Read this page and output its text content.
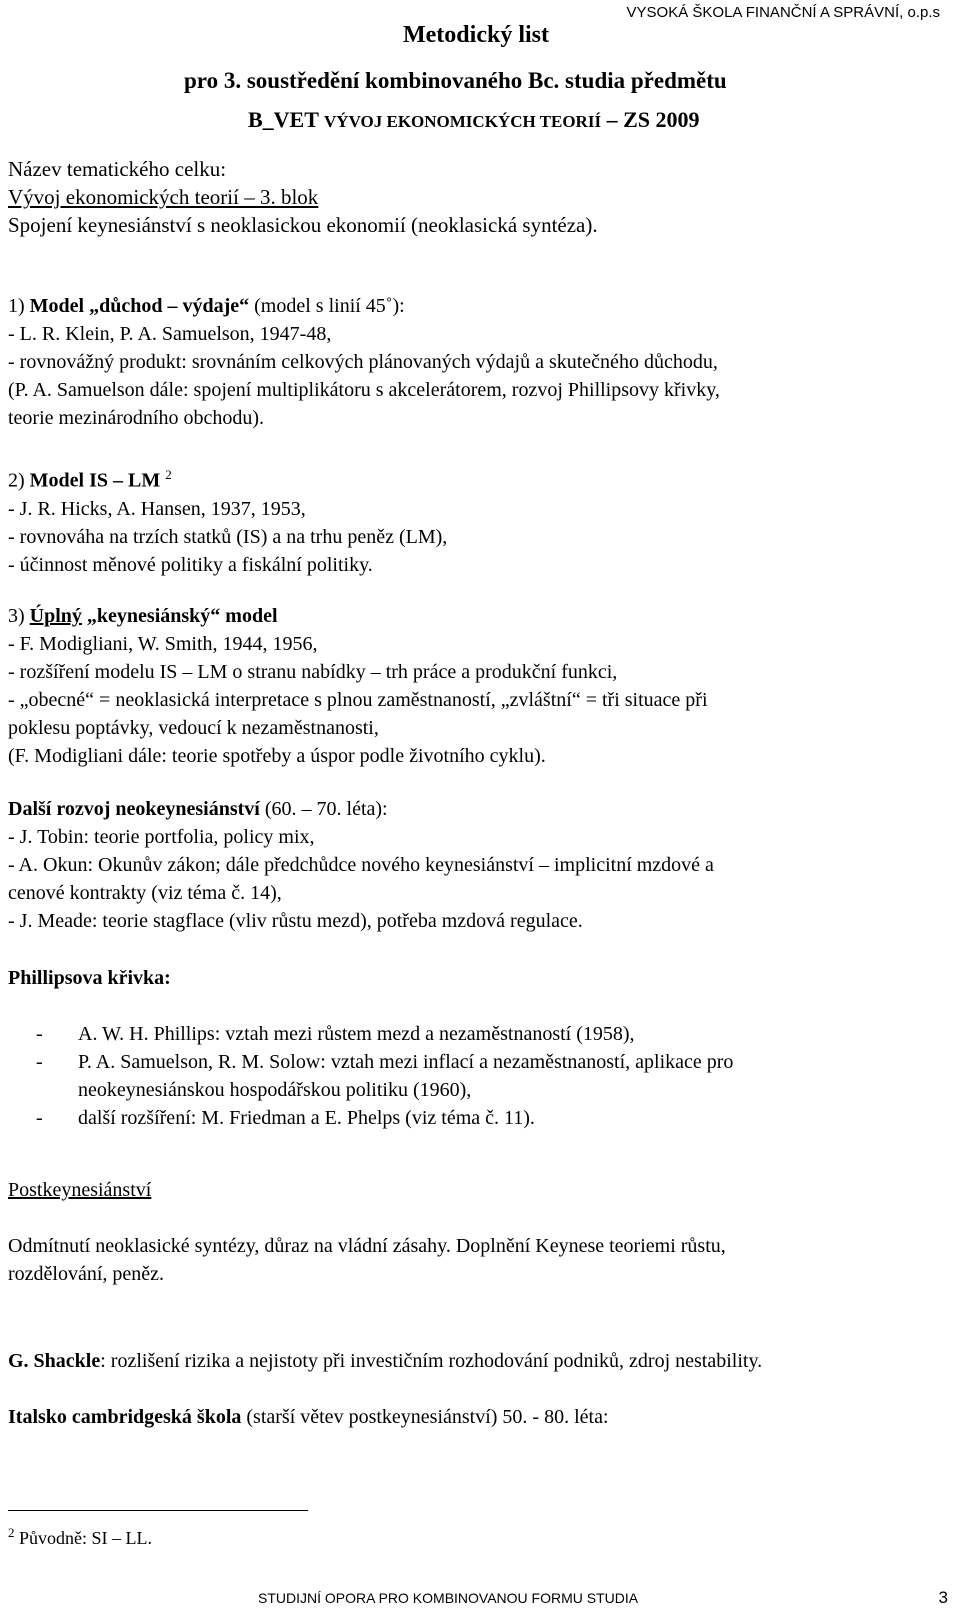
VYSOKÁ ŠKOLA FINANČNÍ A SPRÁVNÍ, o.p.s
Metodický list
pro 3. soustředění kombinovaného Bc. studia předmětu
B_VET VÝVOJ EKONOMICKÝCH TEORIÍ – ZS 2009
Název tematického celku:
Vývoj ekonomických teorií – 3. blok
Spojení keynesiánství s neoklasickou ekonomií (neoklasická syntéza).
1) Model „důchod – výdaje“ (model s linií 45˚):
- L. R. Klein, P. A. Samuelson, 1947-48,
- rovnovážný produkt: srovnáním celkových plánovaných výdajů a skutečného důchodu,
(P. A. Samuelson dále: spojení multiplikátoru s akcelerátorem, rozvoj Phillipsovy křivky,
teorie mezinárodního obchodu).
2) Model IS – LM $^2$
- J. R. Hicks, A. Hansen, 1937, 1953,
- rovnováha na trzích statků (IS) a na trhu peněz (LM),
- účinnost měnové politiky a fiskální politiky.
3) Úplný „keynesiánský“ model
- F. Modigliani, W. Smith, 1944, 1956,
- rozšíření modelu IS – LM o stranu nabídky – trh práce a produkční funkci,
- „obecné“ = neoklasická interpretace s plnou zaměstnaností, „zvláštní“ = tři situace při
poklesu poptávky, vedoucí k nezaměstnanosti,
(F. Modigliani dále: teorie spotřeby a úspor podle životního cyklu).
Další rozvoj neokeynesiánství (60. – 70. léta):
- J. Tobin: teorie portfolia, policy mix,
- A. Okun: Okunův zákon; dále předchůdce nového keynesiánství – implicitní mzdové a
cenové kontrakty (viz téma č. 14),
- J. Meade: teorie stagflace (vliv růstu mezd), potřeba mzdová regulace.
Phillipsova křivka:
- A. W. H. Phillips: vztah mezi růstem mezd a nezaměstnaností (1958),
- P. A. Samuelson, R. M. Solow: vztah mezi inflací a nezaměstnaností, aplikace pro
neokeynesiánskou hospodářskou politiku (1960),
- další rozšíření: M. Friedman a E. Phelps (viz téma č. 11).
Postkeynesiánství
Odmítnutí neoklasické syntézy, důraz na vládní zásahy. Doplnění Keynese teoriemi růstu,
rozdělování, peněz.
G. Shackle: rozlišení rizika a nejistoty při investičním rozhodování podniků, zdroj nestability.
Italsko cambridgeská škola (starší větev postkeynesiánství) 50. - 80. léta:
$^2$ Původně: SI – LL.
STUDIJNÍ OPORA PRO KOMBINOVANOU FORMU STUDIA	3
